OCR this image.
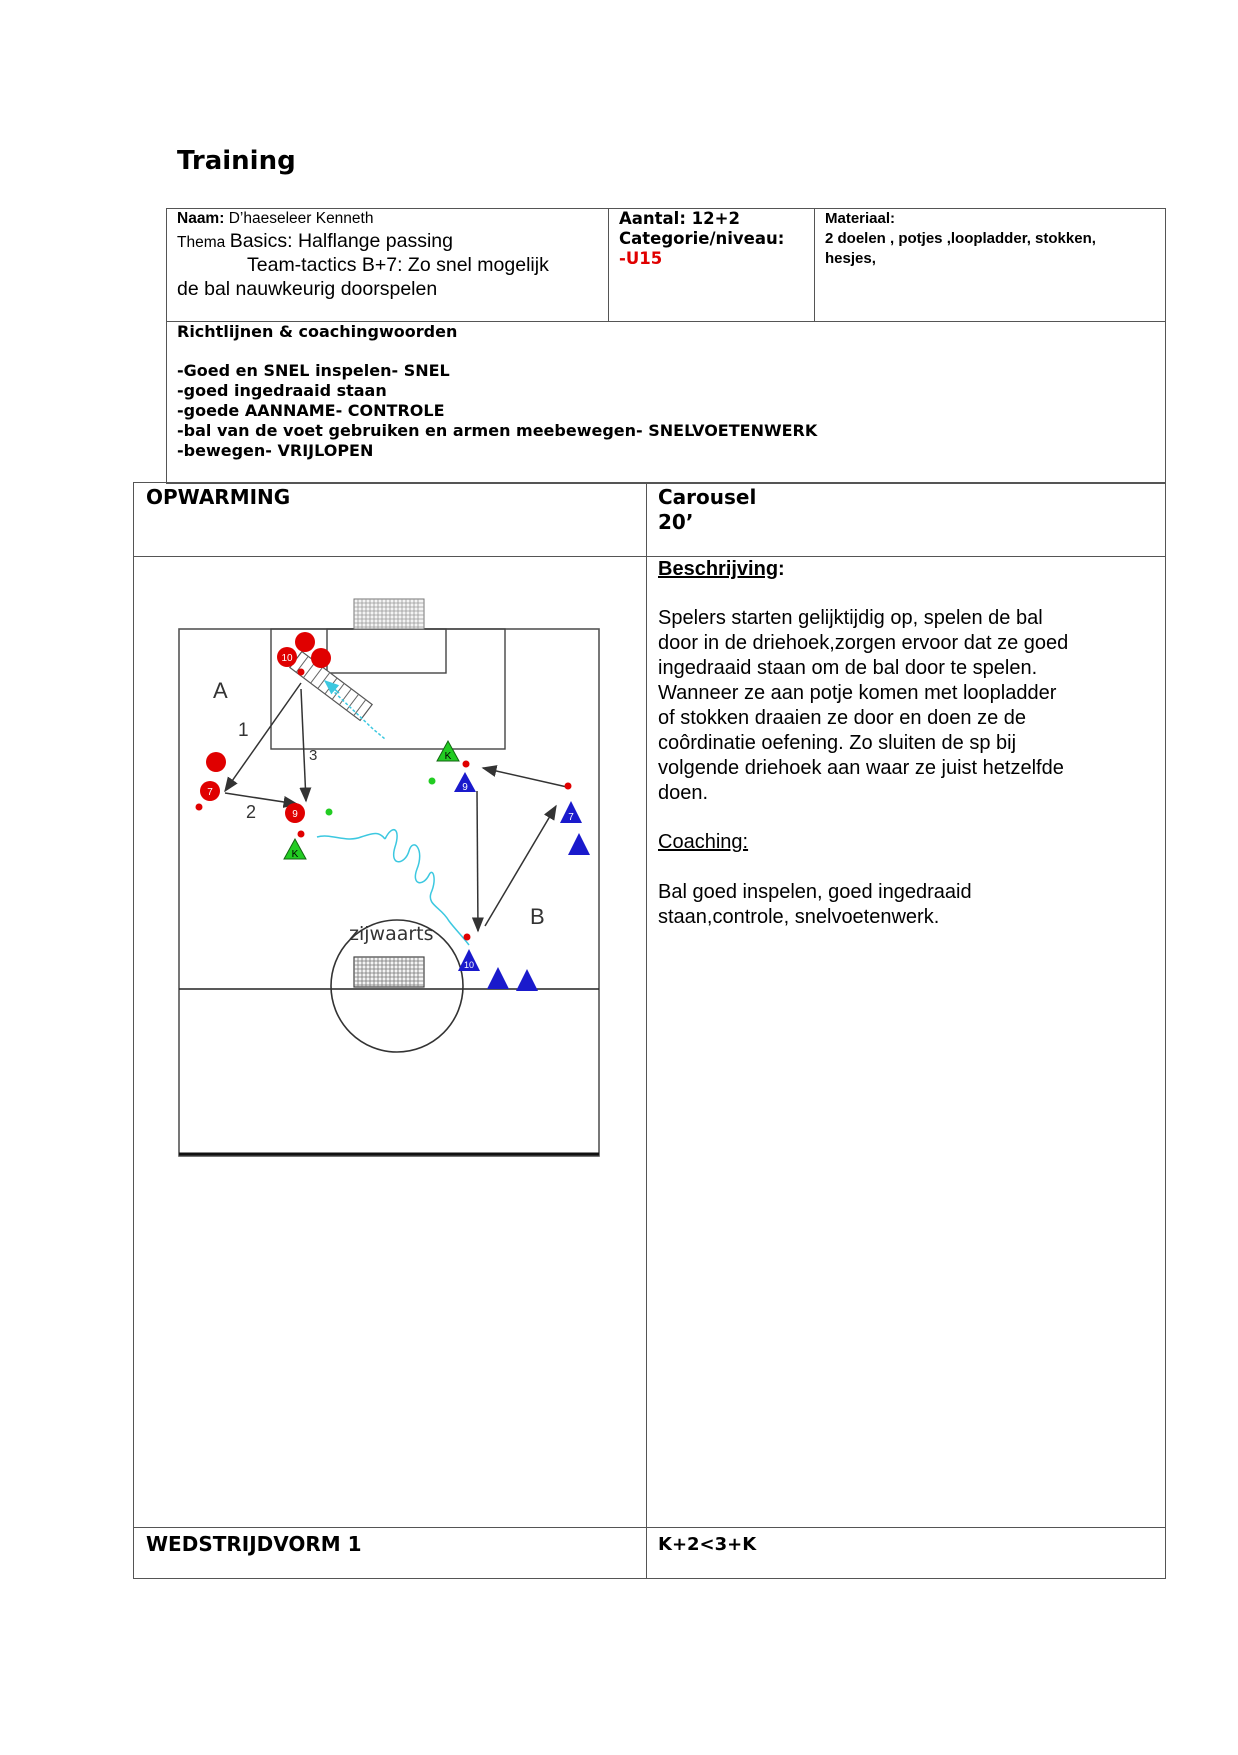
Training
Naam: D’haeseleer Kenneth
Thema Basics: Halflange passing
Team-tactics B+7: Zo snel mogelijk
de bal nauwkeurig doorspelen
Aantal: 12+2
Categorie/niveau:
-U15
Materiaal:
2 doelen , potjes ,loopladder, stokken,
hesjes,
Richtlijnen & coachingwoorden
-Goed en SNEL inspelen- SNEL
-goed ingedraaid staan
-goede AANNAME- CONTROLE
-bal van de voet gebruiken en armen meebewegen- SNELVOETENWERK
-bewegen- VRIJLOPEN
OPWARMING	Carousel
20’
A
1
2
3
B
zijwaarts
10
7
9
K
K
9
7
10
Beschrijving:
Spelers starten gelijktijdig op, spelen de bal
door in de driehoek,zorgen ervoor dat ze goed
ingedraaid staan om de bal door te spelen.
Wanneer ze aan potje komen met loopladder
of stokken draaien ze door en doen ze de
coôrdinatie oefening. Zo sluiten de sp bij
volgende driehoek aan waar ze juist hetzelfde
doen.
Coaching:
Bal goed inspelen, goed ingedraaid
staan,controle, snelvoetenwerk.
WEDSTRIJDVORM 1	K+2<3+K
